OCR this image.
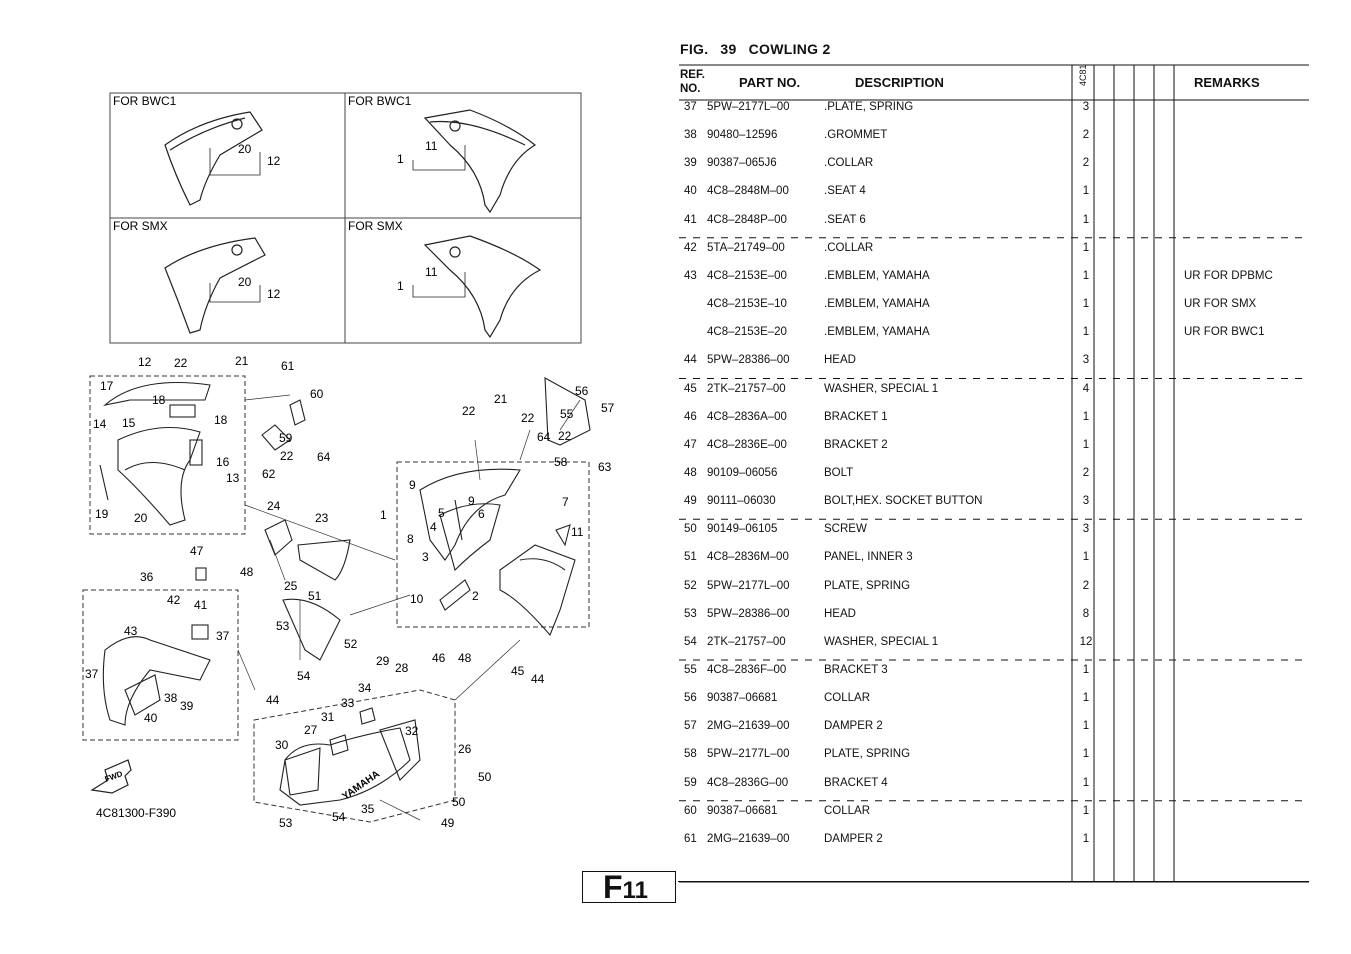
FOR BWC1	FOR BWC1
FOR SMX	FOR SMX
20
12	1
11
20
12
1
11
YAMAHA
12 22	21	61
60
17
18
14 15	18
16
13
59
22
62
64
19 20
22
21
22
56
57
55
64 22
58	63
9
9
5	6
7
4
1
8	11
3
10	2
24
23
47
48
36
42 41
43	37
25
51
53
52
37
38
39
40
54
29 28
46 48
45
44
34
44	33
27
31
32
30	26
50
35	50
53	54	49
FWD
4C81300-F390
FIG. 39 COWLING 2
REF.
NO.	PART NO.	DESCRIPTION	4C81	REMARKS
37 5PW–2177L–00	.PLATE, SPRING	3
38 90480–12596	.GROMMET	2
39 90387–065J6	.COLLAR	2
40 4C8–2848M–00	.SEAT 4	1
41 4C8–2848P–00	.SEAT 6	1
42 5TA–21749–00	.COLLAR	1
43 4C8–2153E–00	.EMBLEM, YAMAHA	1	UR FOR DPBMC
4C8–2153E–10	.EMBLEM, YAMAHA	1	UR FOR SMX
4C8–2153E–20	.EMBLEM, YAMAHA	1	UR FOR BWC1
44 5PW–28386–00	HEAD	3
45 2TK–21757–00	WASHER, SPECIAL 1	4
46 4C8–2836A–00	BRACKET 1	1
47 4C8–2836E–00	BRACKET 2	1
48 90109–06056	BOLT	2
49 90111–06030	BOLT,HEX. SOCKET BUTTON	3
50 90149–06105	SCREW	3
51 4C8–2836M–00	PANEL, INNER 3	1
52 5PW–2177L–00	PLATE, SPRING	2
53 5PW–28386–00	HEAD	8
54 2TK–21757–00	WASHER, SPECIAL 1	12
55 4C8–2836F–00	BRACKET 3	1
56 90387–06681	COLLAR	1
57 2MG–21639–00	DAMPER 2	1
58 5PW–2177L–00	PLATE, SPRING	1
59 4C8–2836G–00	BRACKET 4	1
60 90387–06681	COLLAR	1
61 2MG–21639–00	DAMPER 2	1
F11
